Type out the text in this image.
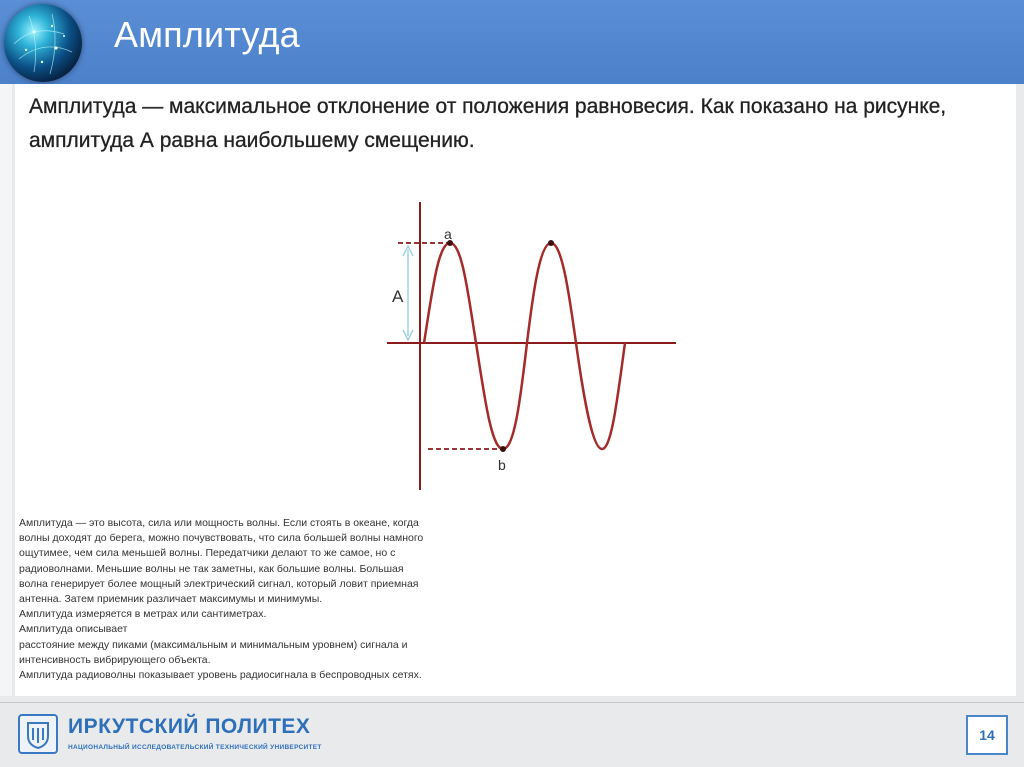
Амплитуда
Амплитуда — максимальное отклонение от положения равновесия. Как показано на рисунке, амплитуда А равна наибольшему смещению.
A
a
b
Амплитуда — это высота, сила или мощность волны. Если стоять в океане, когда
волны доходят до берега, можно почувствовать, что сила большей волны намного
ощутимее, чем сила меньшей волны. Передатчики делают то же самое, но с
радиоволнами. Меньшие волны не так заметны, как большие волны. Большая
волна генерирует более мощный электрический сигнал, который ловит приемная
антенна. Затем приемник различает максимумы и минимумы.
Амплитуда измеряется в метрах или сантиметрах.
Амплитуда описывает
расстояние между пиками (максимальным и минимальным уровнем) сигнала и
интенсивность вибрирующего объекта.
Амплитуда радиоволны показывает уровень радиосигнала в беспроводных сетях.
ИРКУТСКИЙ ПОЛИТЕХ
НАЦИОНАЛЬНЫЙ ИССЛЕДОВАТЕЛЬСКИЙ ТЕХНИЧЕСКИЙ УНИВЕРСИТЕТ
14
